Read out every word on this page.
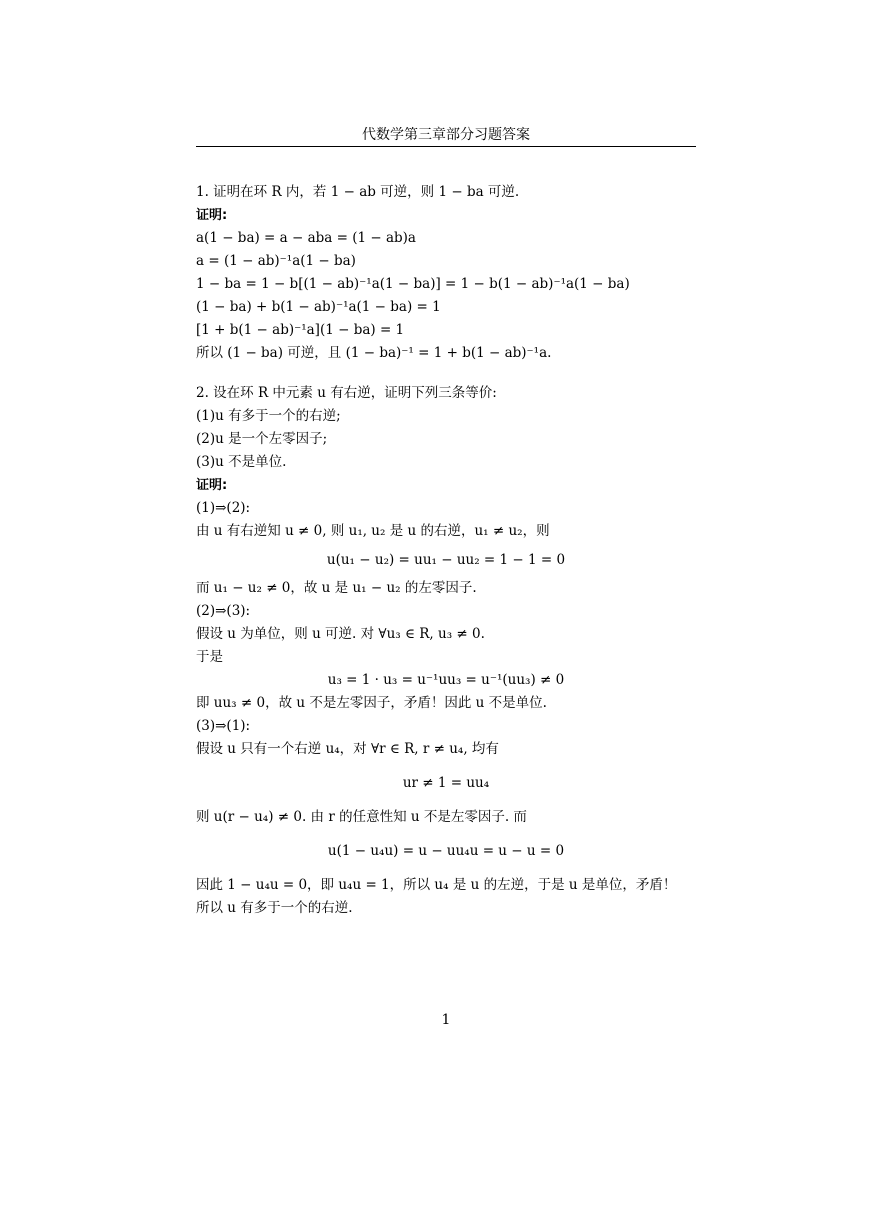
代数学第三章部分习题答案
1. 证明在环 R 内，若 1 − ab 可逆，则 1 − ba 可逆.
证明:
a(1 − ba) = a − aba = (1 − ab)a
a = (1 − ab)⁻¹a(1 − ba)
1 − ba = 1 − b[(1 − ab)⁻¹a(1 − ba)] = 1 − b(1 − ab)⁻¹a(1 − ba)
(1 − ba) + b(1 − ab)⁻¹a(1 − ba) = 1
[1 + b(1 − ab)⁻¹a](1 − ba) = 1
所以 (1 − ba) 可逆，且 (1 − ba)⁻¹ = 1 + b(1 − ab)⁻¹a.
2. 设在环 R 中元素 u 有右逆，证明下列三条等价:
(1)u 有多于一个的右逆;
(2)u 是一个左零因子;
(3)u 不是单位.
证明:
(1)⇒(2):
由 u 有右逆知 u ≠ 0, 则 u₁, u₂ 是 u 的右逆，u₁ ≠ u₂，则
u(u₁ − u₂) = uu₁ − uu₂ = 1 − 1 = 0
而 u₁ − u₂ ≠ 0，故 u 是 u₁ − u₂ 的左零因子.
(2)⇒(3):
假设 u 为单位，则 u 可逆. 对 ∀u₃ ∈ R, u₃ ≠ 0.
于是
u₃ = 1 · u₃ = u⁻¹uu₃ = u⁻¹(uu₃) ≠ 0
即 uu₃ ≠ 0，故 u 不是左零因子，矛盾！因此 u 不是单位.
(3)⇒(1):
假设 u 只有一个右逆 u₄，对 ∀r ∈ R, r ≠ u₄, 均有
ur ≠ 1 = uu₄
则 u(r − u₄) ≠ 0. 由 r 的任意性知 u 不是左零因子. 而
u(1 − u₄u) = u − uu₄u = u − u = 0
因此 1 − u₄u = 0，即 u₄u = 1，所以 u₄ 是 u 的左逆，于是 u 是单位，矛盾！
所以 u 有多于一个的右逆.
1
